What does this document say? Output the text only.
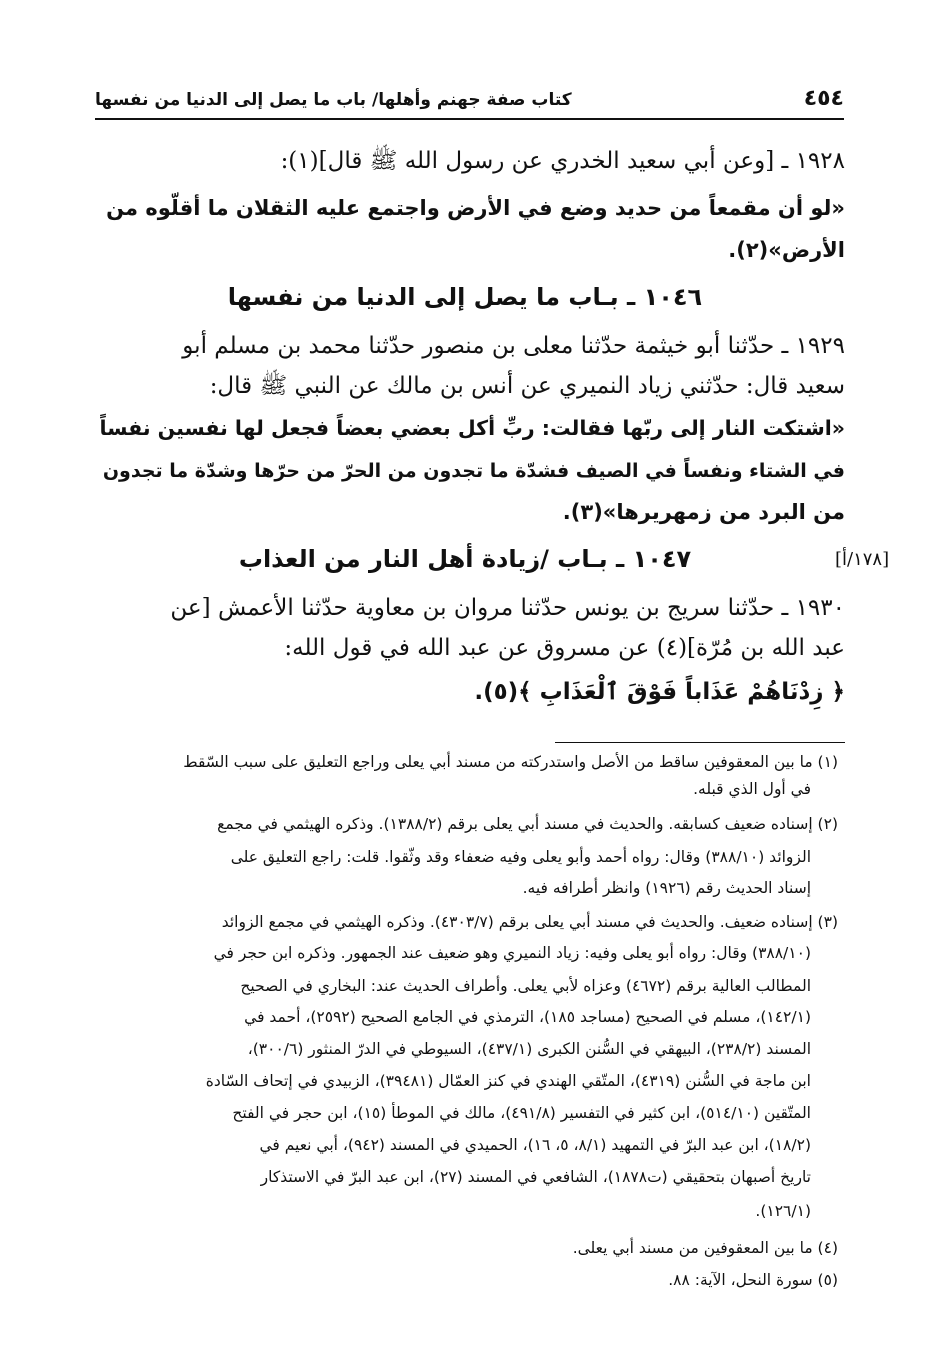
٤٥٤
كتاب صفة جهنم وأهلها/ باب ما يصل إلى الدنيا من نفسها
١٩٢٨ ـ [وعن أبي سعيد الخدري عن رسول الله ﷺ قال](١):
«لو أن مقمعاً من حديد وضع في الأرض واجتمع عليه الثقلان ما أقلّوه من
الأرض»(٢).
١٠٤٦ ـ بـاب ما يصل إلى الدنيا من نفسها
١٩٢٩ ـ حدّثنا أبو خيثمة حدّثنا معلى بن منصور حدّثنا محمد بن مسلم أبو
سعيد قال: حدّثني زياد النميري عن أنس بن مالك عن النبي ﷺ قال:
«اشتكت النار إلى ربّها فقالت: ربِّ أكل بعضي بعضاً فجعل لها نفسين نفساً
في الشتاء ونفساً في الصيف فشدّة ما تجدون من الحرّ من حرّها وشدّة ما تجدون
من البرد من زمهريرها»(٣).
١٠٤٧ ـ بـاب /زيادة أهل النار من العذاب	[١٧٨/أ]
١٩٣٠ ـ حدّثنا سريج بن يونس حدّثنا مروان بن معاوية حدّثنا الأعمش [عن
عبد الله بن مُرّة](٤) عن مسروق عن عبد الله في قول الله:
﴿ زِدْنَاهُمْ عَذَاباً فَوْقَ ٱلْعَذَابِ ﴾(٥).
(١) ما بين المعقوفين ساقط من الأصل واستدركته من مسند أبي يعلى وراجع التعليق على سبب السّقط
في أول الذي قبله.
(٢) إسناده ضعيف كسابقه. والحديث في مسند أبي يعلى برقم (١٣٨٨/٢). وذكره الهيثمي في مجمع
الزوائد (٣٨٨/١٠) وقال: رواه أحمد وأبو يعلى وفيه ضعفاء وقد وثّقوا. قلت: راجع التعليق على
إسناد الحديث رقم (١٩٢٦) وانظر أطرافه فيه.
(٣) إسناده ضعيف. والحديث في مسند أبي يعلى برقم (٤٣٠٣/٧). وذكره الهيثمي في مجمع الزوائد
(٣٨٨/١٠) وقال: رواه أبو يعلى وفيه: زياد النميري وهو ضعيف عند الجمهور. وذكره ابن حجر في
المطالب العالية برقم (٤٦٧٢) وعزاه لأبي يعلى. وأطراف الحديث عند: البخاري في الصحيح
(١٤٢/١)، مسلم في الصحيح (مساجد ١٨٥)، الترمذي في الجامع الصحيح (٢٥٩٢)، أحمد في
المسند (٢٣٨/٢)، البيهقي في السُّنن الكبرى (٤٣٧/١)، السيوطي في الدرّ المنثور (٣٠٠/٦)،
ابن ماجة في السُّنن (٤٣١٩)، المتّقي الهندي في كنز العمّال (٣٩٤٨١)، الزبيدي في إتحاف السّادة
المتّقين (٥١٤/١٠)، ابن كثير في التفسير (٤٩١/٨)، مالك في الموطأ (١٥)، ابن حجر في الفتح
(١٨/٢)، ابن عبد البرّ في التمهيد (٨/١، ٥، ١٦)، الحميدي في المسند (٩٤٢)، أبي نعيم في
تاريخ أصبهان بتحقيقي (ت١٨٧٨)، الشافعي في المسند (٢٧)، ابن عبد البرّ في الاستذكار
(١٢٦/١).
(٤) ما بين المعقوفين من مسند أبي يعلى.
(٥) سورة النحل، الآية: ٨٨.
